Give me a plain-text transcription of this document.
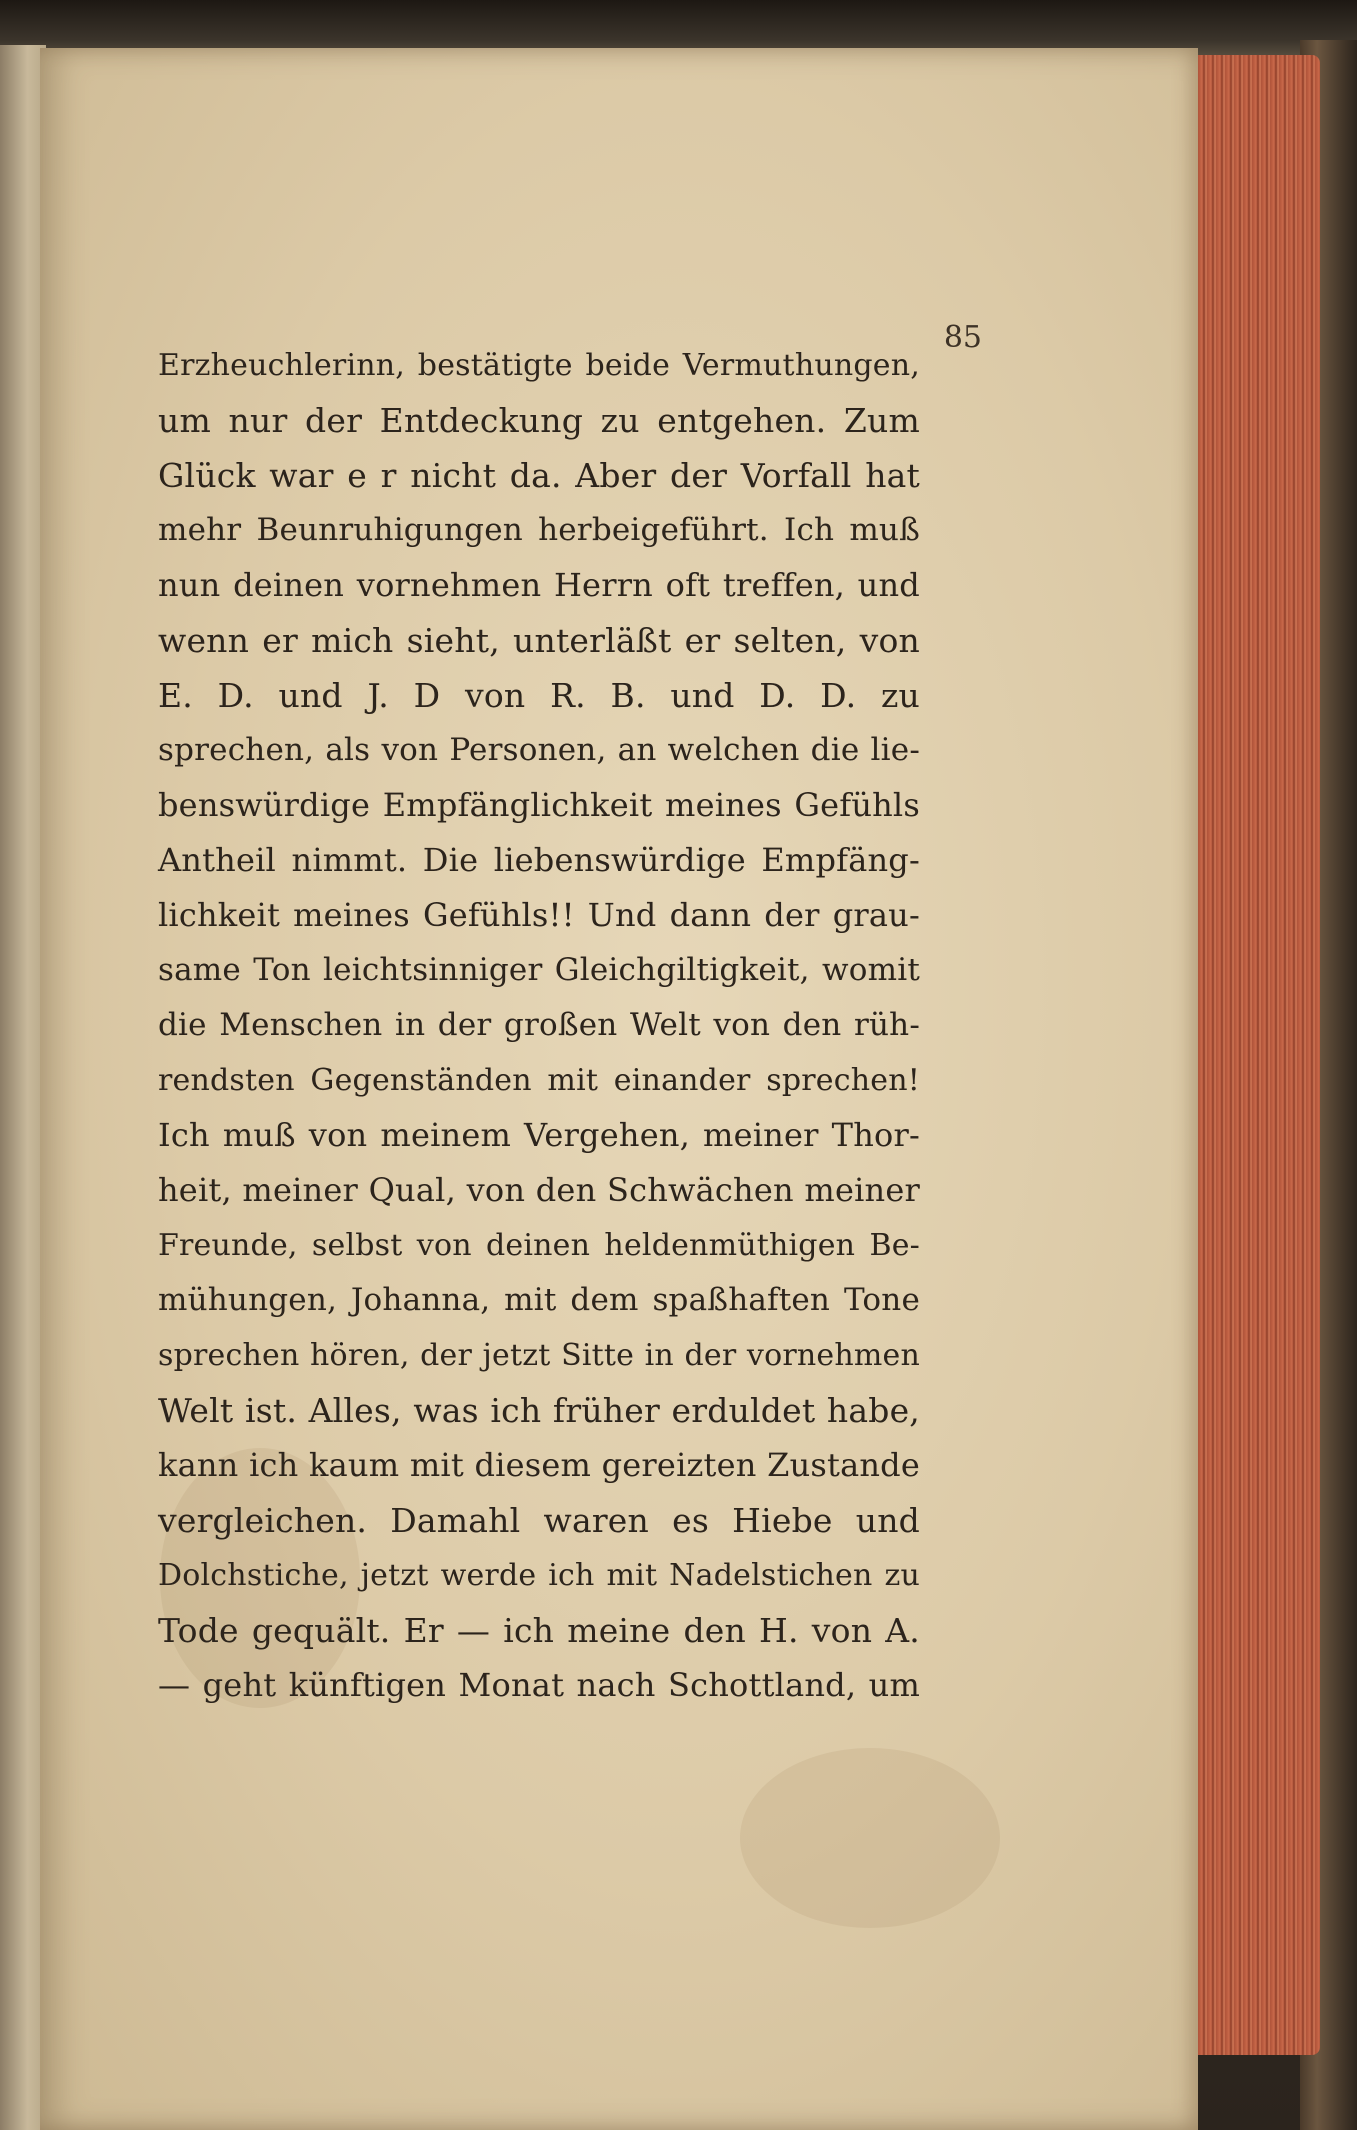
85
Erzheuchlerinn, bestätigte beide Vermuthungen,
um nur der Entdeckung zu entgehen. Zum
Glück war e r nicht da. Aber der Vorfall hat
mehr Beunruhigungen herbeigeführt. Ich muß
nun deinen vornehmen Herrn oft treffen, und
wenn er mich sieht, unterläßt er selten, von
E. D. und J. D von R. B. und D. D. zu
sprechen, als von Personen, an welchen die lie-
benswürdige Empfänglichkeit meines Gefühls
Antheil nimmt. Die liebenswürdige Empfäng-
lichkeit meines Gefühls!! Und dann der grau-
same Ton leichtsinniger Gleichgiltigkeit, womit
die Menschen in der großen Welt von den rüh-
rendsten Gegenständen mit einander sprechen!
Ich muß von meinem Vergehen, meiner Thor-
heit, meiner Qual, von den Schwächen meiner
Freunde, selbst von deinen heldenmüthigen Be-
mühungen, Johanna, mit dem spaßhaften Tone
sprechen hören, der jetzt Sitte in der vornehmen
Welt ist. Alles, was ich früher erduldet habe,
kann ich kaum mit diesem gereizten Zustande
vergleichen. Damahl waren es Hiebe und
Dolchstiche, jetzt werde ich mit Nadelstichen zu
Tode gequält. Er — ich meine den H. von A.
— geht künftigen Monat nach Schottland, um
